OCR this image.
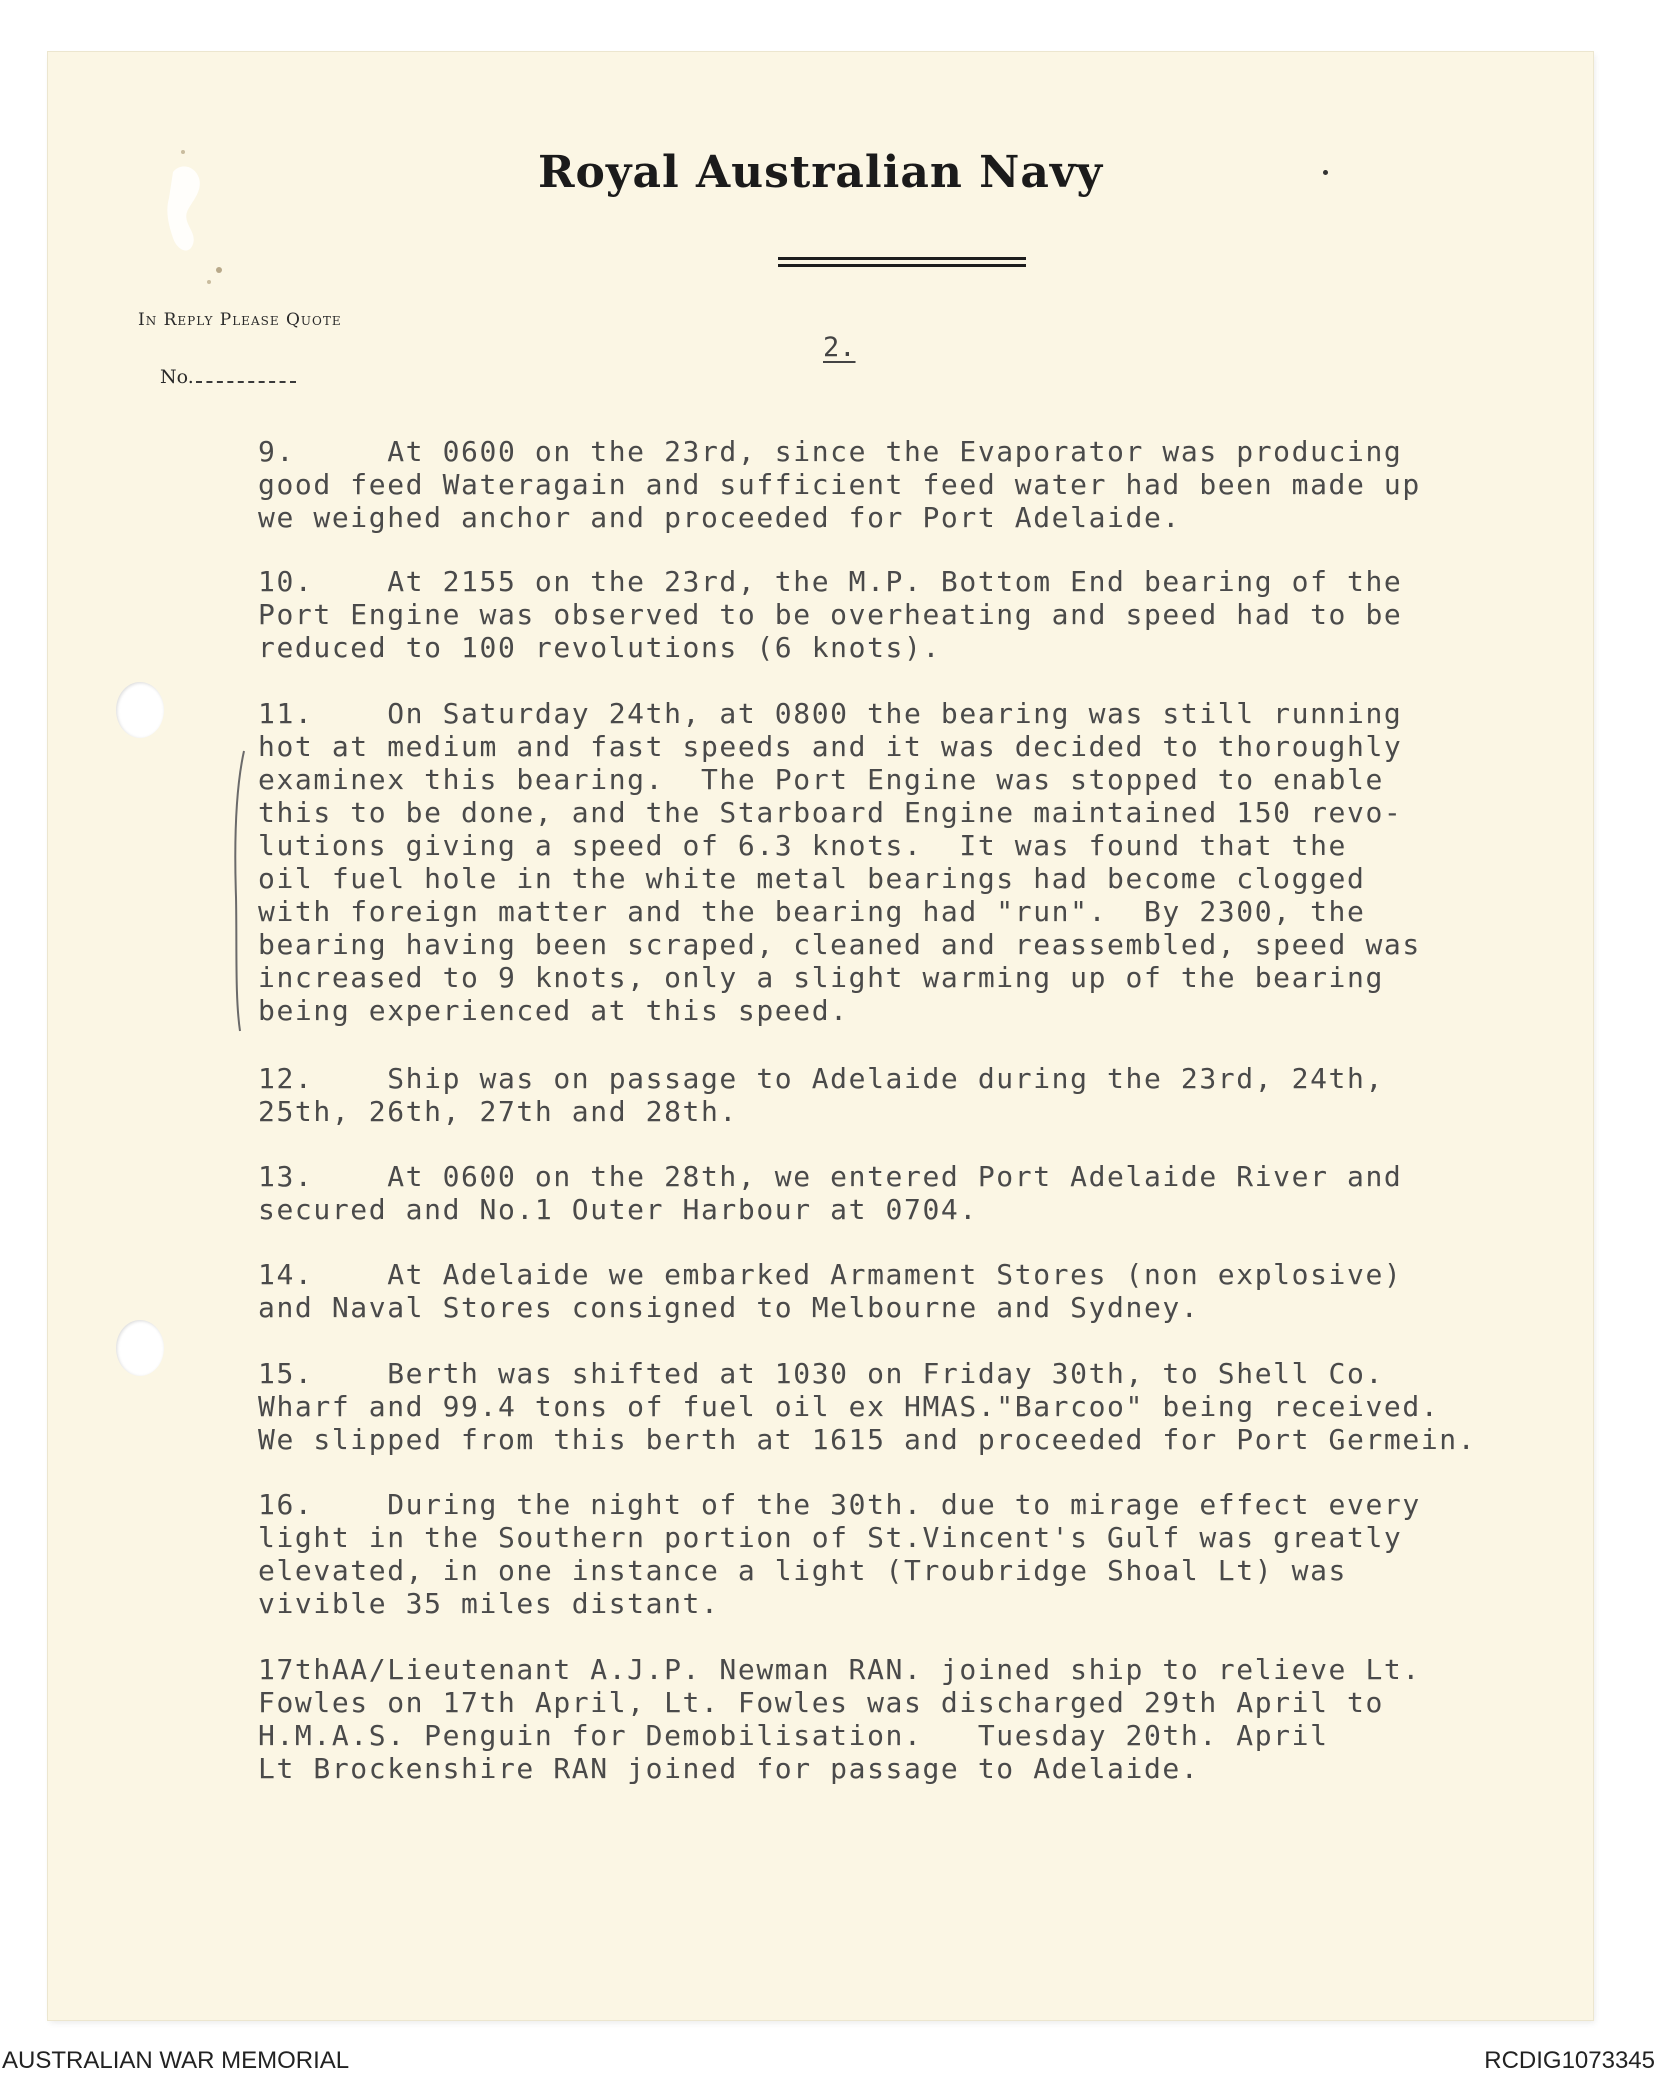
Royal Australian Navy
In Reply Please Quote
No.
2.
9.     At 0600 on the 23rd, since the Evaporator was producing
good feed Wateragain and sufficient feed water had been made up
we weighed anchor and proceeded for Port Adelaide.
10.    At 2155 on the 23rd, the M.P. Bottom End bearing of the
Port Engine was observed to be overheating and speed had to be
reduced to 100 revolutions (6 knots).
11.    On Saturday 24th, at 0800 the bearing was still running
hot at medium and fast speeds and it was decided to thoroughly
examinex this bearing.  The Port Engine was stopped to enable
this to be done, and the Starboard Engine maintained 150 revo-
lutions giving a speed of 6.3 knots.  It was found that the
oil fuel hole in the white metal bearings had become clogged
with foreign matter and the bearing had "run".  By 2300, the
bearing having been scraped, cleaned and reassembled, speed was
increased to 9 knots, only a slight warming up of the bearing
being experienced at this speed.
12.    Ship was on passage to Adelaide during the 23rd, 24th,
25th, 26th, 27th and 28th.
13.    At 0600 on the 28th, we entered Port Adelaide River and
secured and No.1 Outer Harbour at 0704.
14.    At Adelaide we embarked Armament Stores (non explosive)
and Naval Stores consigned to Melbourne and Sydney.
15.    Berth was shifted at 1030 on Friday 30th, to Shell Co.
Wharf and 99.4 tons of fuel oil ex HMAS."Barcoo" being received.
We slipped from this berth at 1615 and proceeded for Port Germein.
16.    During the night of the 30th. due to mirage effect every
light in the Southern portion of St.Vincent's Gulf was greatly
elevated, in one instance a light (Troubridge Shoal Lt) was
vivible 35 miles distant.
17thAA/Lieutenant A.J.P. Newman RAN. joined ship to relieve Lt.
Fowles on 17th April, Lt. Fowles was discharged 29th April to
H.M.A.S. Penguin for Demobilisation.   Tuesday 20th. April
Lt Brockenshire RAN joined for passage to Adelaide.
AUSTRALIAN WAR MEMORIAL	RCDIG1073345
